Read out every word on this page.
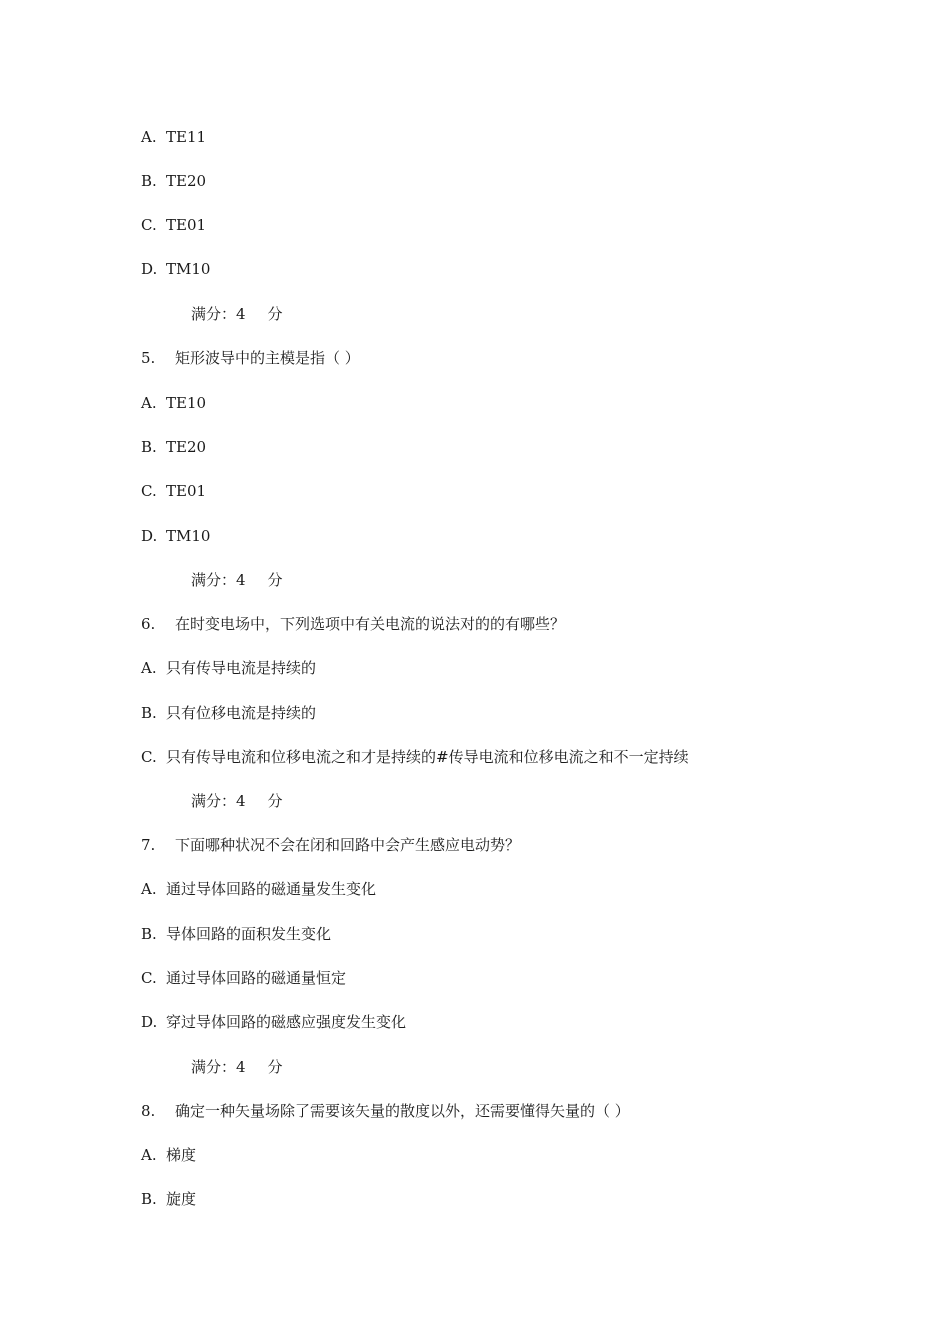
A. TE11
B. TE20
C. TE01
D. TM10
满分：4 分
5. 矩形波导中的主模是指（ ）
A. TE10
B. TE20
C. TE01
D. TM10
满分：4 分
6. 在时变电场中，下列选项中有关电流的说法对的的有哪些？
A. 只有传导电流是持续的
B. 只有位移电流是持续的
C. 只有传导电流和位移电流之和才是持续的#传导电流和位移电流之和不一定持续
满分：4 分
7. 下面哪种状况不会在闭和回路中会产生感应电动势？
A. 通过导体回路的磁通量发生变化
B. 导体回路的面积发生变化
C. 通过导体回路的磁通量恒定
D. 穿过导体回路的磁感应强度发生变化
满分：4 分
8. 确定一种矢量场除了需要该矢量的散度以外，还需要懂得矢量的（ ）
A. 梯度
B. 旋度
